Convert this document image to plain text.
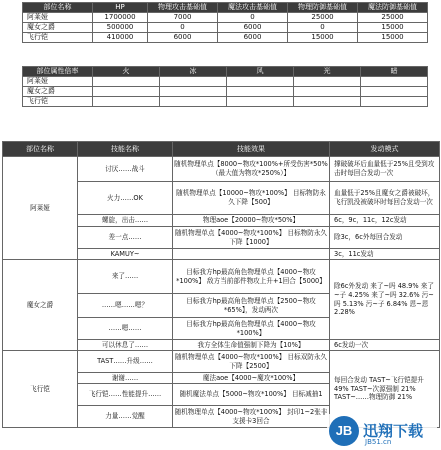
部位名称	HP	物理攻击基础值	魔法攻击基础值	物理防御基础值	魔法防御基础值
阿莱娅	1700000	7000	0	25000	25000
魔女之爵	500000	0	6000	0	15000
飞行铠	410000	6000	6000	15000	15000
部位属性倍率	火	冰	风	光	暗
阿莱娅					
魔女之爵					
飞行铠					
部位名称	技能名称	技能效果	发动模式
阿莱娅	讨厌……战斗	随机物理单点【8000~物攻*100%+所受伤害*50%（最大值为物攻*250%）】	撑破破坏后血量低于25%且受到攻击时每回合发动一次
	火力……OK	随机物理单点【10000~物攻*100%】 目标物防永久下降【500】	血量低于25%且魔女之爵被破坏，飞行凯没被破坏时每回合发动一次
	螺旋，出击……	物理aoe【20000~物攻*50%】	6c，9c，11c，12c发动
	差一点……	随机物理单点【4000~物攻*100%】 目标物防永久下降【1000】	除3c，6c外每回合发动
	KAMUY~		3c，11c发动
魔女之爵	来了……	目标我方hp最高角色物理单点【4000~物攻*100%】 敌方当前部件物攻上升+1回合【5000】	除6c外发动 来了~吗 48.9% 来了~子 4.25% 来了~吗 32.6% 污~吗 5.13% 污~子 6.84% 恩~恩 2.28%
	……嗯……嗯？	目标我方hp最高角色物理单点【2500~物攻*65%】，发动两次	
	……嗯……	目标我方hp最高角色物理单点【4000~物攻*100%】	
	可以休息了……	我方全体生命值强制下降为【10%】	6c发动一次
飞行铠	TAST……升级……	随机物理单点【4000~物攻*100%】 目标双防永久下降【2500】	每回合发动 TAST~飞行铠提升 49% TAST~次源强制 21% TAST~……物理防御 21%
	谢谢……	魔法aoe【4000~魔攻*100%】	
	飞行铠……性能提升……	随机魔法单点【5000~物攻*100%】 目标减抽1	
	力量……觉醒	随机物理单点【4000~物攻*100%】 封印1~2张非支援卡3回合	
JB 迅翔下载
JB51.cn
